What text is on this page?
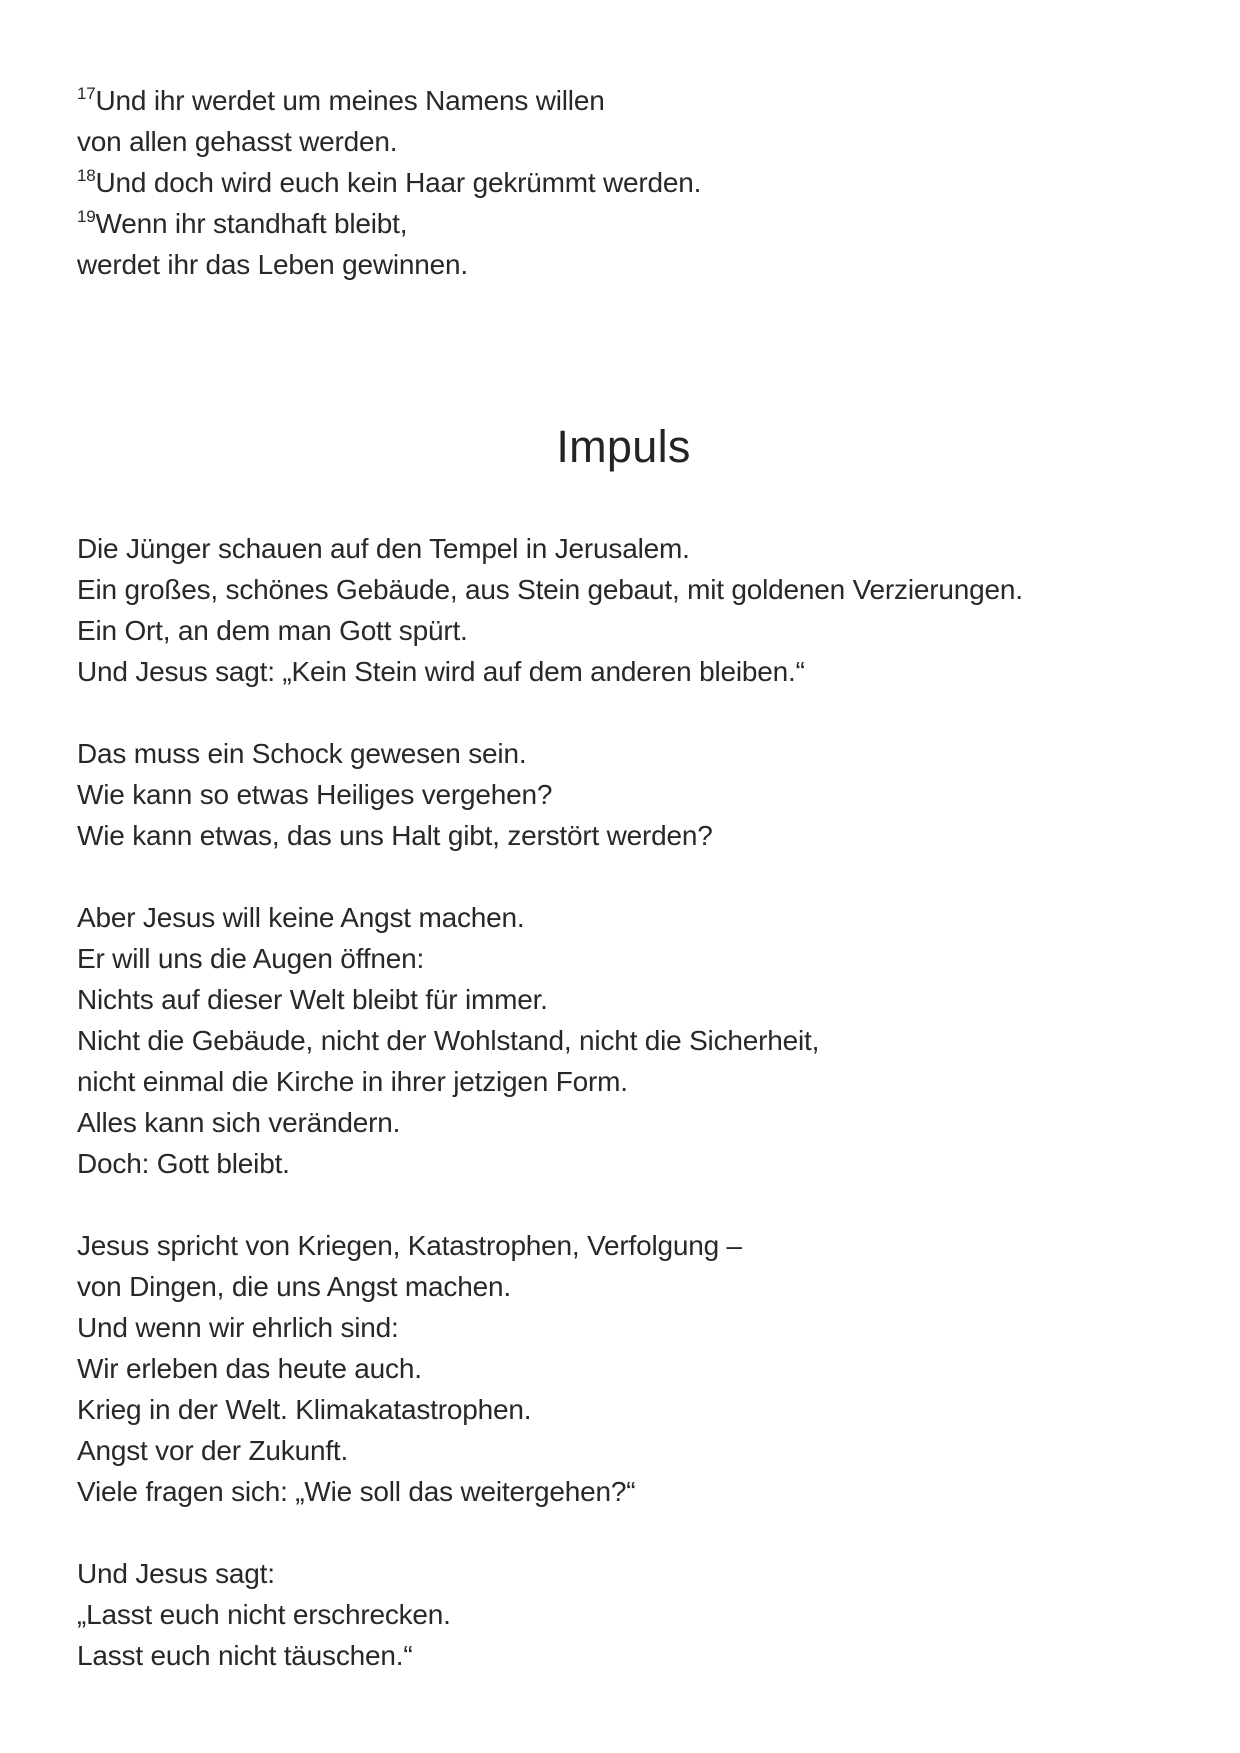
$^{17}$Und ihr werdet um meines Namens willen
von allen gehasst werden.
$^{18}$Und doch wird euch kein Haar gekrümmt werden.
$^{19}$Wenn ihr standhaft bleibt,
werdet ihr das Leben gewinnen.
Impuls

Die Jünger schauen auf den Tempel in Jerusalem.
Ein großes, schönes Gebäude, aus Stein gebaut, mit goldenen Verzierungen.
Ein Ort, an dem man Gott spürt.
Und Jesus sagt: „Kein Stein wird auf dem anderen bleiben.“

Das muss ein Schock gewesen sein.
Wie kann so etwas Heiliges vergehen?
Wie kann etwas, das uns Halt gibt, zerstört werden?

Aber Jesus will keine Angst machen.
Er will uns die Augen öffnen:
Nichts auf dieser Welt bleibt für immer.
Nicht die Gebäude, nicht der Wohlstand, nicht die Sicherheit,
nicht einmal die Kirche in ihrer jetzigen Form.
Alles kann sich verändern.
Doch: Gott bleibt.

Jesus spricht von Kriegen, Katastrophen, Verfolgung –
von Dingen, die uns Angst machen.
Und wenn wir ehrlich sind:
Wir erleben das heute auch.
Krieg in der Welt. Klimakatastrophen.
Angst vor der Zukunft.
Viele fragen sich: „Wie soll das weitergehen?“

Und Jesus sagt:
„Lasst euch nicht erschrecken.
Lasst euch nicht täuschen.“
